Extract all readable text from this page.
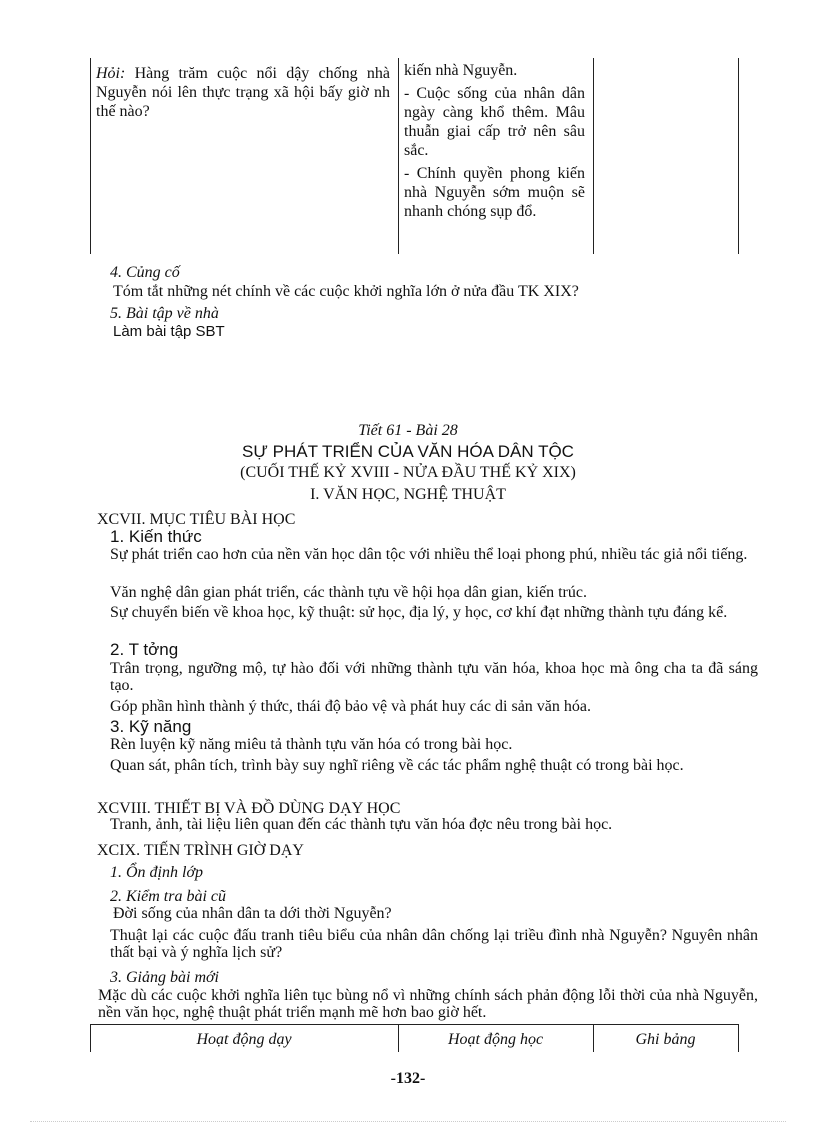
Hỏi: Hàng trăm cuộc nổi dậy chống nhà Nguyễn nói lên thực trạng xã hội bấy giờ nh thế nào?

kiến nhà Nguyễn.

- Cuộc sống của nhân dân ngày càng khổ thêm. Mâu thuẫn giai cấp trở nên sâu sắc.

- Chính quyền phong kiến nhà Nguyễn sớm muộn sẽ nhanh chóng sụp đổ.

4. Củng cố
Tóm tắt những nét chính về các cuộc khởi nghĩa lớn ở nửa đầu TK XIX?
5. Bài tập về nhà
Làm bài tập SBT
Tiết 61 - Bài 28
SỰ PHÁT TRIỂN CỦA VĂN HÓA DÂN TỘC
(CUỐI THẾ KỶ XVIII - NỬA ĐẦU THẾ KỶ XIX)
I. VĂN HỌC, NGHỆ THUẬT
XCVII. MỤC TIÊU BÀI HỌC
1. Kiến thức
Sự phát triển cao hơn của nền văn học dân tộc với nhiều thể loại phong phú, nhiều tác giả nổi tiếng.
Văn nghệ dân gian phát triển, các thành tựu về hội họa dân gian, kiến trúc.
Sự chuyển biến về khoa học, kỹ thuật: sử học, địa lý, y học, cơ khí đạt những thành tựu đáng kể.
2. T tởng
Trân trọng, ngưỡng mộ, tự hào đối với những thành tựu văn hóa, khoa học mà ông cha ta đã sáng tạo.
Góp phần hình thành ý thức, thái độ bảo vệ và phát huy các di sản văn hóa.
3. Kỹ năng
Rèn luyện kỹ năng miêu tả thành tựu văn hóa có trong bài học.
Quan sát, phân tích, trình bày suy nghĩ riêng về các tác phẩm nghệ thuật có trong bài học.
XCVIII. THIẾT BỊ VÀ ĐỒ DÙNG DẠY HỌC
Tranh, ảnh, tài liệu liên quan đến các thành tựu văn hóa đợc nêu trong bài học.
XCIX. TIẾN TRÌNH GIỜ DẠY
1. Ổn định lớp
2. Kiểm tra bài cũ
Đời sống của nhân dân ta dới thời Nguyễn?
Thuật lại các cuộc đấu tranh tiêu biểu của nhân dân chống lại triều đình nhà Nguyễn? Nguyên nhân thất bại và ý nghĩa lịch sử?
3. Giảng bài mới
Mặc dù các cuộc khởi nghĩa liên tục bùng nổ vì những chính sách phản động lỗi thời của nhà Nguyễn, nền văn học, nghệ thuật phát triển mạnh mẽ hơn bao giờ hết.
Hoạt động dạy	Hoạt động học	Ghi bảng
-132-
